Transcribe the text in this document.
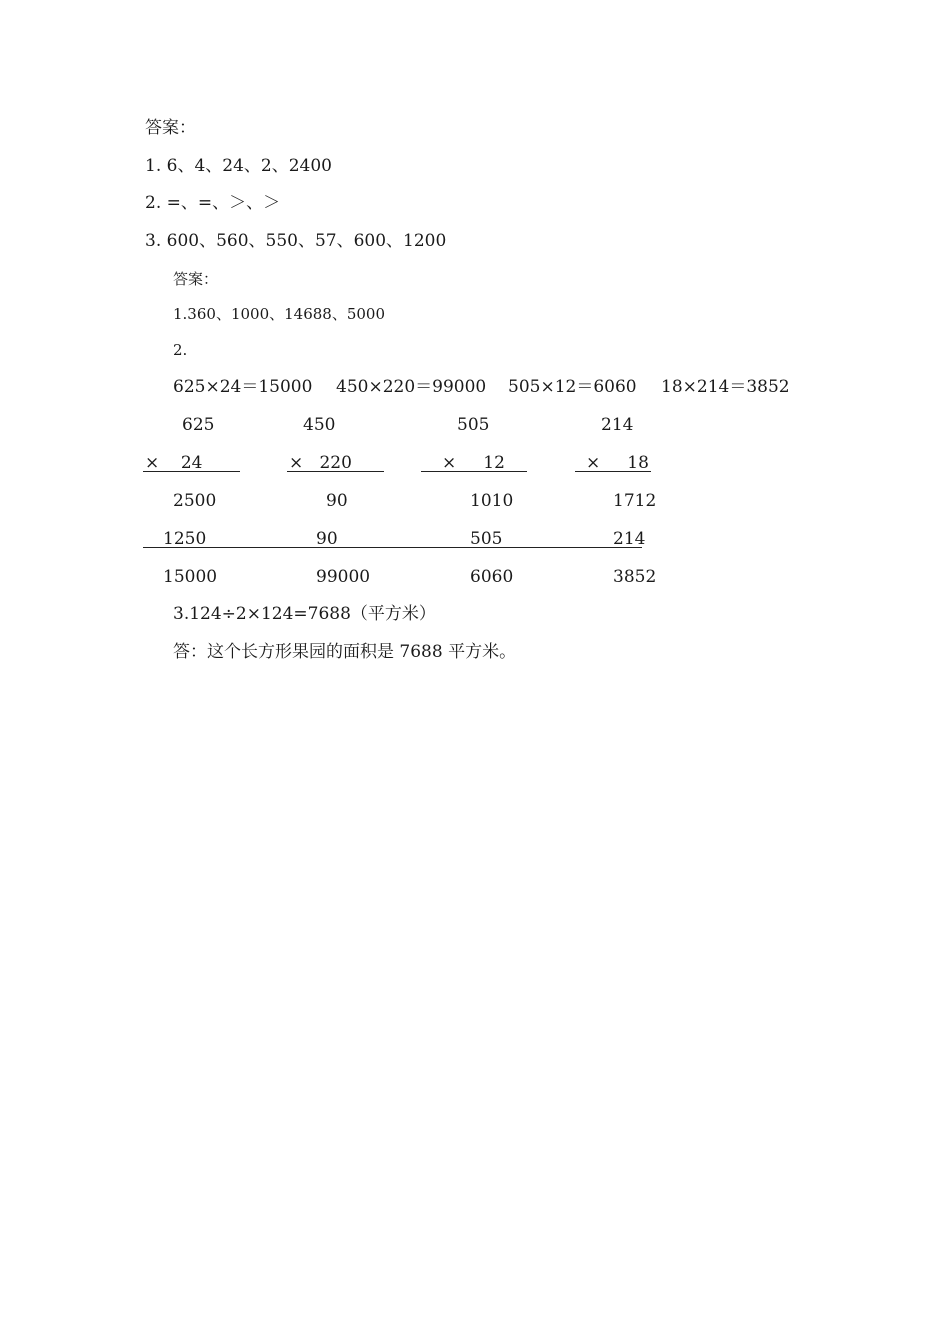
答案：
1. 6、4、24、2、2400
2. =、=、＞、＞
3. 600、560、550、57、600、1200
答案：
1.360、1000、14688、5000
2.
625×24＝15000 450×220＝99000 505×12＝6060 18×214＝3852
625	450	505	214
×    24	×   220	×     12	×     18
2500	90	1010	1712
1250	90	505	214
15000	99000	6060	3852
3.124÷2×124=7688（平方米）
答：这个长方形果园的面积是 7688 平方米。
